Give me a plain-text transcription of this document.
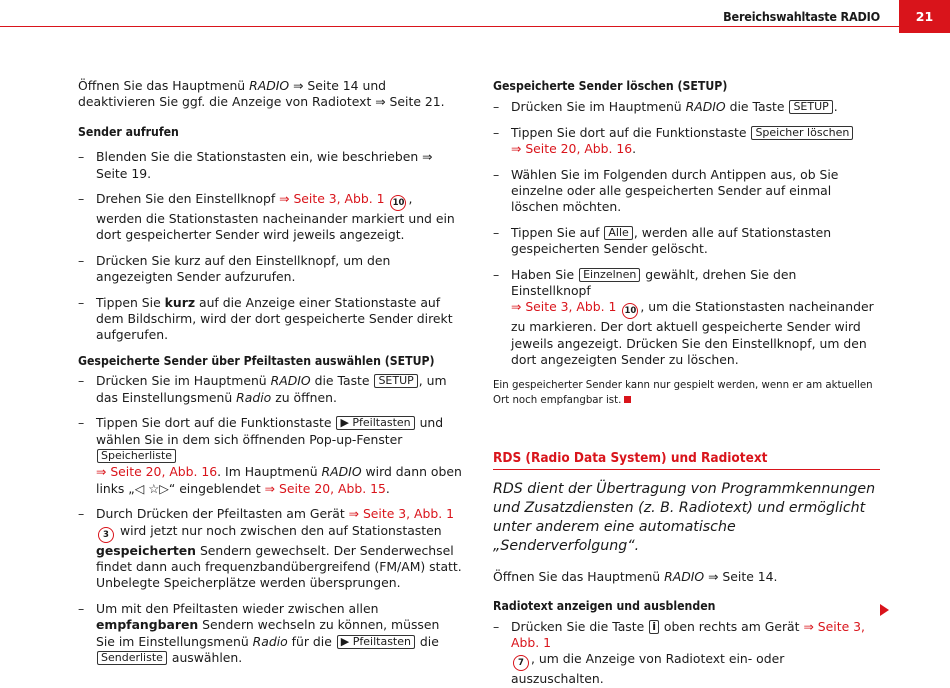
Bereichswahltaste RADIO	21

Öffnen Sie das Hauptmenü RADIO ⇒ Seite 14 und deaktivieren Sie ggf. die Anzeige von Radiotext ⇒ Seite 21.

Sender aufrufen

– Blenden Sie die Stationstasten ein, wie beschrieben ⇒ Seite 19.
– Drehen Sie den Einstellknopf ⇒ Seite 3, Abb. 1 10 , werden die Stationstasten nacheinander markiert und ein dort gespeicherter Sender wird jeweils angezeigt.
– Drücken Sie kurz auf den Einstellknopf, um den angezeigten Sender aufzurufen.
– Tippen Sie kurz auf die Anzeige einer Stationstaste auf dem Bildschirm, wird der dort gespeicherte Sender direkt aufgerufen.

Gespeicherte Sender über Pfeiltasten auswählen (SETUP)

– Drücken Sie im Hauptmenü RADIO die Taste SETUP , um das Einstellungsmenü Radio zu öffnen.
– Tippen Sie dort auf die Funktionstaste ▶ Pfeiltasten und wählen Sie in dem sich öffnenden Pop-up-Fenster Speicherliste
⇒ Seite 20, Abb. 16. Im Hauptmenü RADIO wird dann oben links „◁ ☆▷“ eingeblendet ⇒ Seite 20, Abb. 15.
– Durch Drücken der Pfeiltasten am Gerät ⇒ Seite 3, Abb. 1 3 wird jetzt nur noch zwischen den auf Stationstasten gespeicherten Sendern gewechselt. Der Senderwechsel findet dann auch frequenzbandübergreifend (FM/AM) statt. Unbelegte Speicherplätze werden übersprungen.
– Um mit den Pfeiltasten wieder zwischen allen empfangbaren Sendern wechseln zu können, müssen Sie im Einstellungsmenü Radio für die ▶ Pfeiltasten die Senderliste auswählen.

Gespeicherte Sender löschen (SETUP)

– Drücken Sie im Hauptmenü RADIO die Taste SETUP .
– Tippen Sie dort auf die Funktionstaste Speicher löschen
⇒ Seite 20, Abb. 16.
– Wählen Sie im Folgenden durch Antippen aus, ob Sie einzelne oder alle gespeicherten Sender auf einmal löschen möchten.
– Tippen Sie auf Alle , werden alle auf Stationstasten gespeicherten Sender gelöscht.
– Haben Sie Einzelnen gewählt, drehen Sie den Einstellknopf
⇒ Seite 3, Abb. 1 10 , um die Stationstasten nacheinander zu markieren. Der dort aktuell gespeicherte Sender wird jeweils angezeigt. Drücken Sie den Einstellknopf, um den dort angezeigten Sender zu löschen.

Ein gespeicherter Sender kann nur gespielt werden, wenn er am aktuellen Ort noch empfangbar ist.

RDS (Radio Data System) und Radiotext

RDS dient der Übertragung von Programmkennungen und Zusatzdiensten (z. B. Radiotext) und ermöglicht unter anderem eine automatische „Senderverfolgung“.

Öffnen Sie das Hauptmenü RADIO ⇒ Seite 14.

Radiotext anzeigen und ausblenden

– Drücken Sie die Taste i oben rechts am Gerät ⇒ Seite 3, Abb. 1
7 , um die Anzeige von Radiotext ein- oder auszuschalten.
